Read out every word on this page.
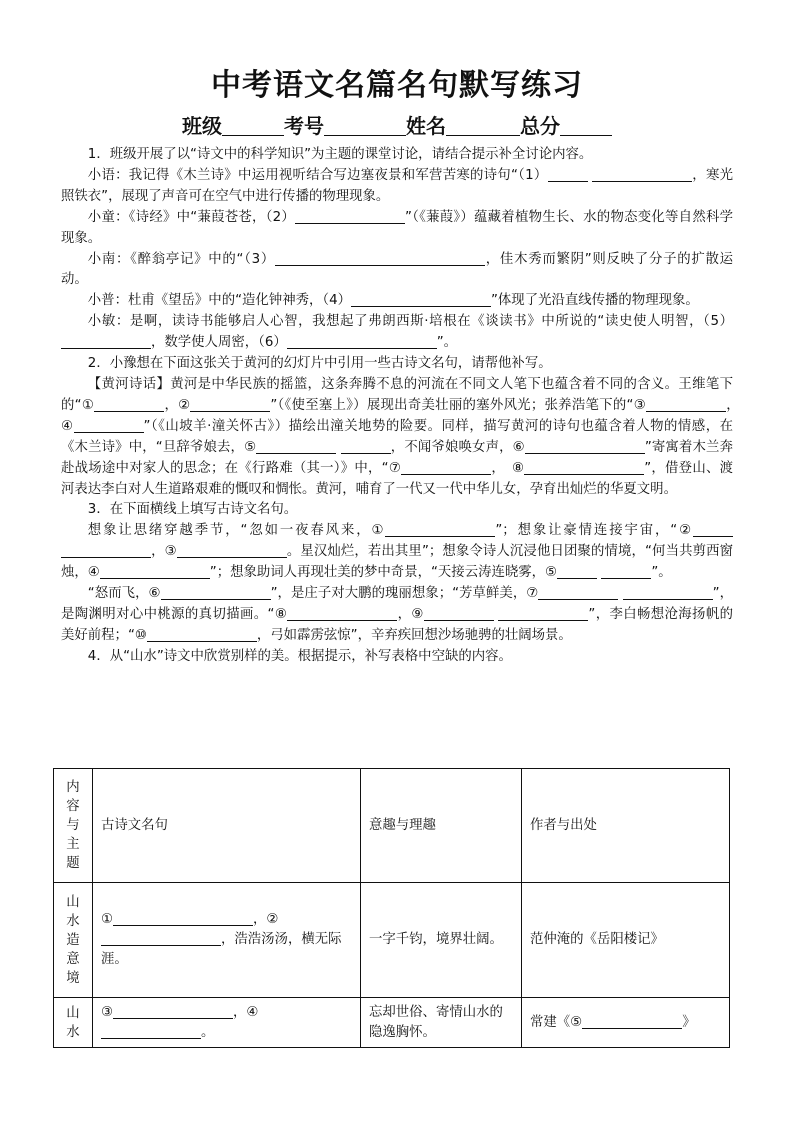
中考语文名篇名句默写练习
班级	考号	姓名	总分

1．班级开展了以“诗文中的科学知识”为主题的课堂讨论，请结合提示补全讨论内容。

小语：我记得《木兰诗》中运用视听结合写边塞夜景和军营苦寒的诗句“（1）	，寒光照铁衣”，展现了声音可在空气中进行传播的物理现象。

小童：《诗经》中“蒹葭苍苍，（2）	”（《蒹葭》）蕴藏着植物生长、水的物态变化等自然科学现象。

小南：《醉翁亭记》中的“（3）	，佳木秀而繁阴”则反映了分子的扩散运动。

小普：杜甫《望岳》中的“造化钟神秀，（4）	”体现了光沿直线传播的物理现象。

小敏：是啊，读诗书能够启人心智，我想起了弗朗西斯·培根在《谈读书》中所说的“读史使人明智，（5），数学使人周密，（6）	”。

2．小豫想在下面这张关于黄河的幻灯片中引用一些古诗文名句，请帮他补写。

【黄河诗话】黄河是中华民族的摇篮，这条奔腾不息的河流在不同文人笔下也蕴含着不同的含义。王维笔下的“①	，②	”（《使至塞上》）展现出奇美壮丽的塞外风光；张养浩笔下的“③	，　④	”（《山坡羊·潼关怀古》）描绘出潼关地势的险要。同样，描写黄河的诗句也蕴含着人物的情感，在《木兰诗》中，“旦辞爷娘去，⑤	，不闻爷娘唤女声，⑥	”寄寓着木兰奔赴战场途中对家人的思念；在《行路难（其一）》中，“⑦	，　⑧	”，借登山、渡河表达李白对人生道路艰难的慨叹和惆怅。黄河，哺育了一代又一代中华儿女，孕育出灿烂的华夏文明。

3．在下面横线上填写古诗文名句。

想象让思绪穿越季节，“忽如一夜春风来，①	”；想象让豪情连接宇宙，“② ，③	。星汉灿烂，若出其里”；想象令诗人沉浸他日团聚的情境，“何当共剪西窗烛，④	”；想象助词人再现壮美的梦中奇景，“天接云涛连晓雾，⑤	”。

“怒而飞，⑥	”，是庄子对大鹏的瑰丽想象；“芳草鲜美，⑦	”，是陶渊明对心中桃源的真切描画。“⑧	，⑨	”，李白畅想沧海扬帆的美好前程；“⑩	，弓如霹雳弦惊”，辛弃疾回想沙场驰骋的壮阔场景。

4．从“山水”诗文中欣赏别样的美。根据提示，补写表格中空缺的内容。

内容与主题	古诗文名句	意趣与理趣	作者与出处
山水造意境	① ，②，浩浩汤汤，横无际涯。	一字千钧，境界壮阔。	范仲淹的《岳阳楼记》
山水	③ ，④。	忘却世俗、寄情山水的隐逸胸怀。	常建《⑤ 》
